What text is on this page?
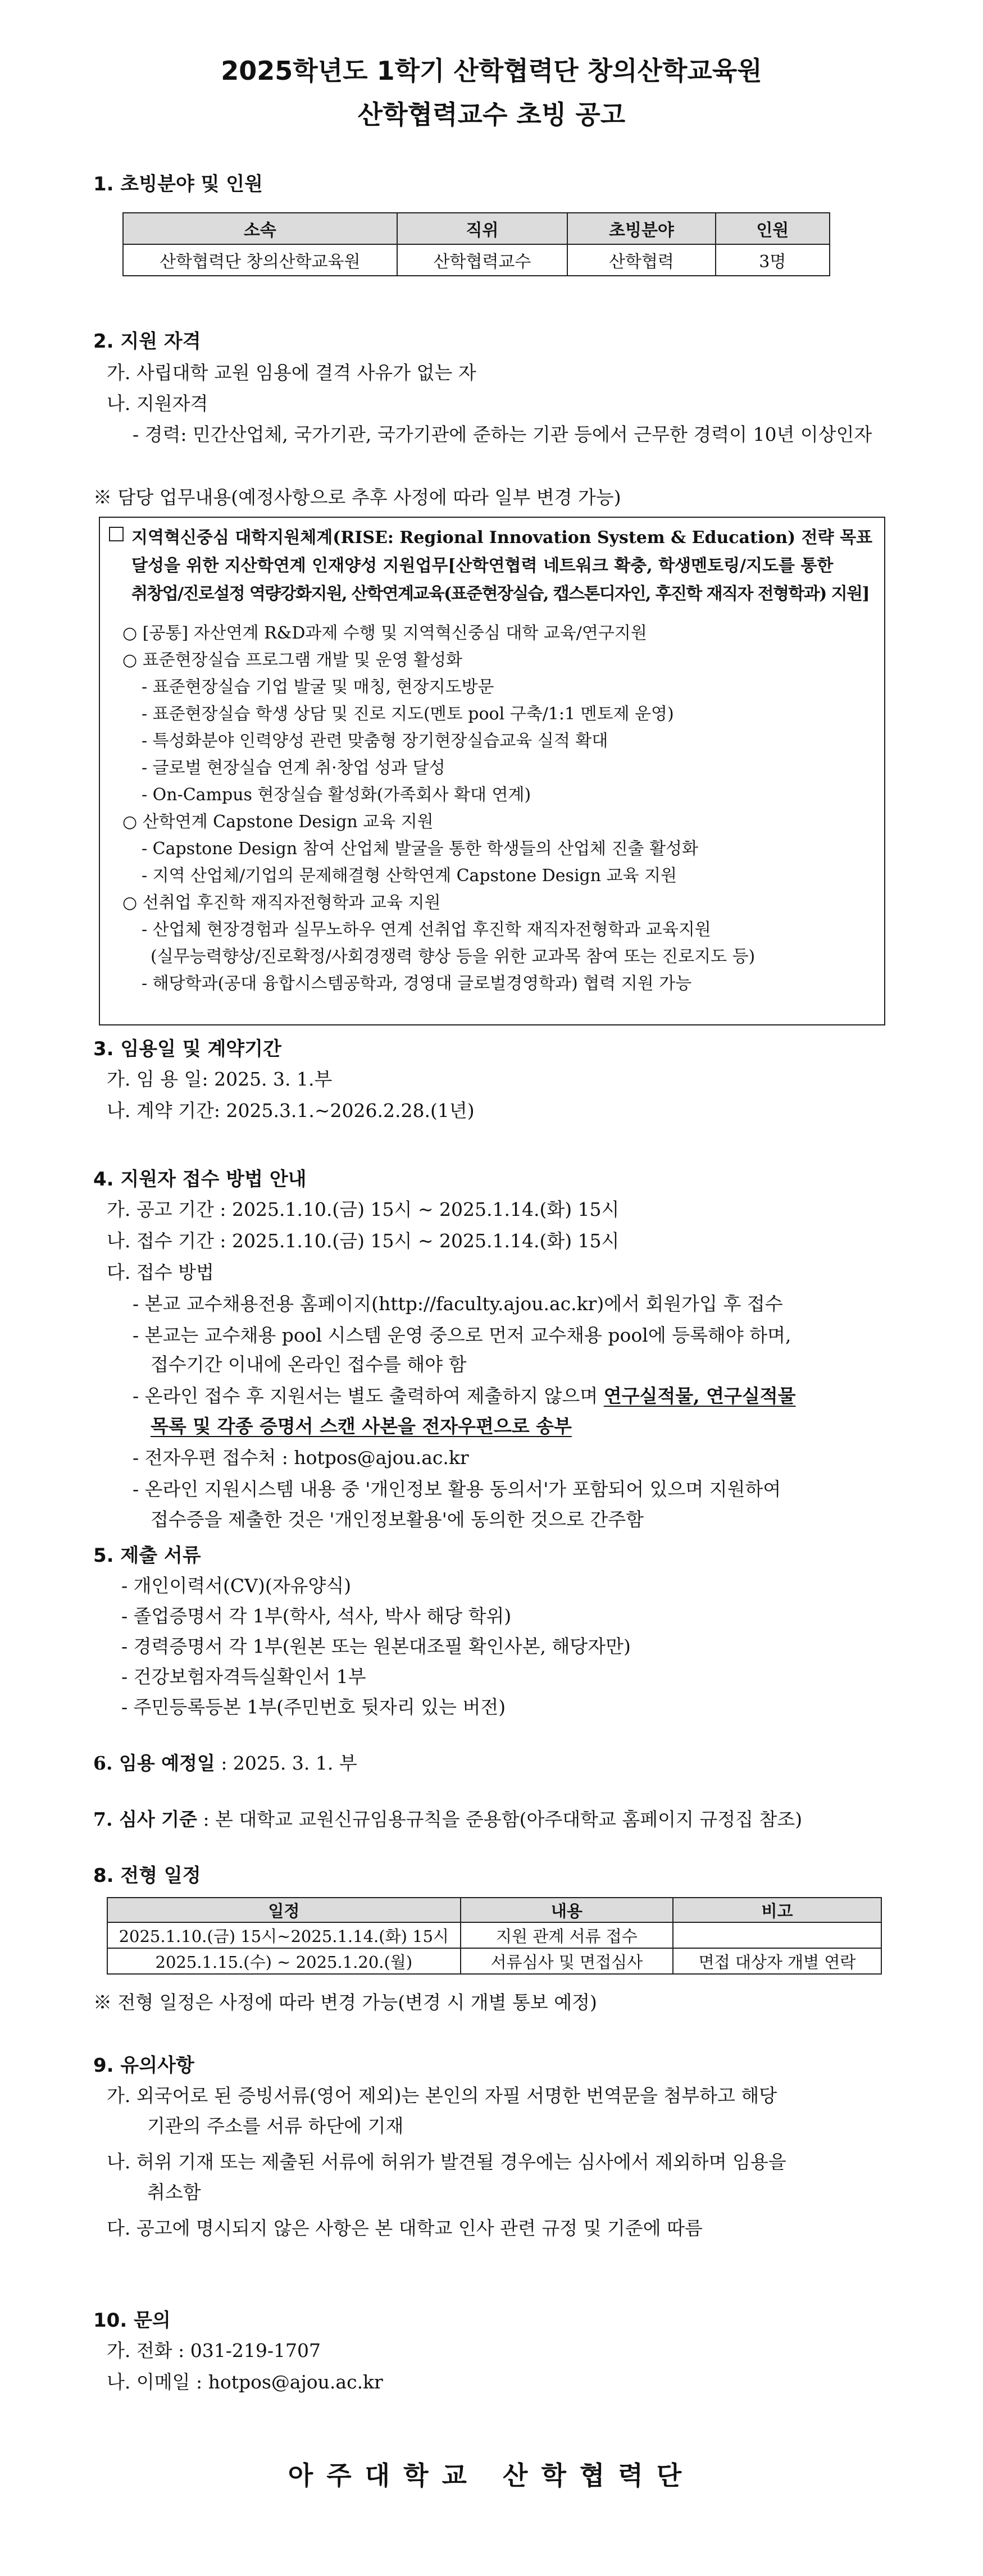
2025학년도 1학기 산학협력단 창의산학교육원
산학협력교수 초빙 공고
1. 초빙분야 및 인원
소속	직위	초빙분야	인원
산학협력단 창의산학교육원	산학협력교수	산학협력	3명
2. 지원 자격
가. 사립대학 교원 임용에 결격 사유가 없는 자
나. 지원자격
- 경력: 민간산업체, 국가기관, 국가기관에 준하는 기관 등에서 근무한 경력이 10년 이상인자
※ 담당 업무내용(예정사항으로 추후 사정에 따라 일부 변경 가능)
지역혁신중심 대학지원체계(RISE: Regional Innovation System & Education) 전략 목표
달성을 위한 지산학연계 인재양성 지원업무[산학연협력 네트워크 확충, 학생멘토링/지도를 통한
취창업/진로설정 역량강화지원, 산학연계교육(표준현장실습, 캡스톤디자인, 후진학 재직자 전형학과) 지원]
○ [공통] 자산연계 R&D과제 수행 및 지역혁신중심 대학 교육/연구지원
○ 표준현장실습 프로그램 개발 및 운영 활성화
- 표준현장실습 기업 발굴 및 매칭, 현장지도방문
- 표준현장실습 학생 상담 및 진로 지도(멘토 pool 구축/1:1 멘토제 운영)
- 특성화분야 인력양성 관련 맞춤형 장기현장실습교육 실적 확대
- 글로벌 현장실습 연계 취·창업 성과 달성
- On-Campus 현장실습 활성화(가족회사 확대 연계)
○ 산학연계 Capstone Design 교육 지원
- Capstone Design 참여 산업체 발굴을 통한 학생들의 산업체 진출 활성화
- 지역 산업체/기업의 문제해결형 산학연계 Capstone Design 교육 지원
○ 선취업 후진학 재직자전형학과 교육 지원
- 산업체 현장경험과 실무노하우 연계 선취업 후진학 재직자전형학과 교육지원
(실무능력향상/진로확정/사회경쟁력 향상 등을 위한 교과목 참여 또는 진로지도 등)
- 해당학과(공대 융합시스템공학과, 경영대 글로벌경영학과) 협력 지원 가능
3. 임용일 및 계약기간
가. 임 용 일: 2025. 3. 1.부
나. 계약 기간: 2025.3.1.~2026.2.28.(1년)
4. 지원자 접수 방법 안내
가. 공고 기간 : 2025.1.10.(금) 15시 ~ 2025.1.14.(화) 15시
나. 접수 기간 : 2025.1.10.(금) 15시 ~ 2025.1.14.(화) 15시
다. 접수 방법
- 본교 교수채용전용 홈페이지(http://faculty.ajou.ac.kr)에서 회원가입 후 접수
- 본교는 교수채용 pool 시스템 운영 중으로 먼저 교수채용 pool에 등록해야 하며,
접수기간 이내에 온라인 접수를 해야 함
- 온라인 접수 후 지원서는 별도 출력하여 제출하지 않으며 연구실적물, 연구실적물
목록 및 각종 증명서 스캔 사본을 전자우편으로 송부
- 전자우편 접수처 : hotpos@ajou.ac.kr
- 온라인 지원시스템 내용 중 '개인정보 활용 동의서'가 포함되어 있으며 지원하여
접수증을 제출한 것은 '개인정보활용'에 동의한 것으로 간주함
5. 제출 서류
- 개인이력서(CV)(자유양식)
- 졸업증명서 각 1부(학사, 석사, 박사 해당 학위)
- 경력증명서 각 1부(원본 또는 원본대조필 확인사본, 해당자만)
- 건강보험자격득실확인서 1부
- 주민등록등본 1부(주민번호 뒷자리 있는 버전)
6. 임용 예정일 : 2025. 3. 1. 부
7. 심사 기준 : 본 대학교 교원신규임용규칙을 준용함(아주대학교 홈페이지 규정집 참조)
8. 전형 일정
일정	내용	비고
2025.1.10.(금) 15시~2025.1.14.(화) 15시	지원 관계 서류 접수	
2025.1.15.(수) ~ 2025.1.20.(월)	서류심사 및 면접심사	면접 대상자 개별 연락
※ 전형 일정은 사정에 따라 변경 가능(변경 시 개별 통보 예정)
9. 유의사항
가. 외국어로 된 증빙서류(영어 제외)는 본인의 자필 서명한 번역문을 첨부하고 해당
기관의 주소를 서류 하단에 기재
나. 허위 기재 또는 제출된 서류에 허위가 발견될 경우에는 심사에서 제외하며 임용을
취소함
다. 공고에 명시되지 않은 사항은 본 대학교 인사 관련 규정 및 기준에 따름
10. 문의
가. 전화 : 031-219-1707
나. 이메일 : hotpos@ajou.ac.kr
아주대학교 산학협력단
